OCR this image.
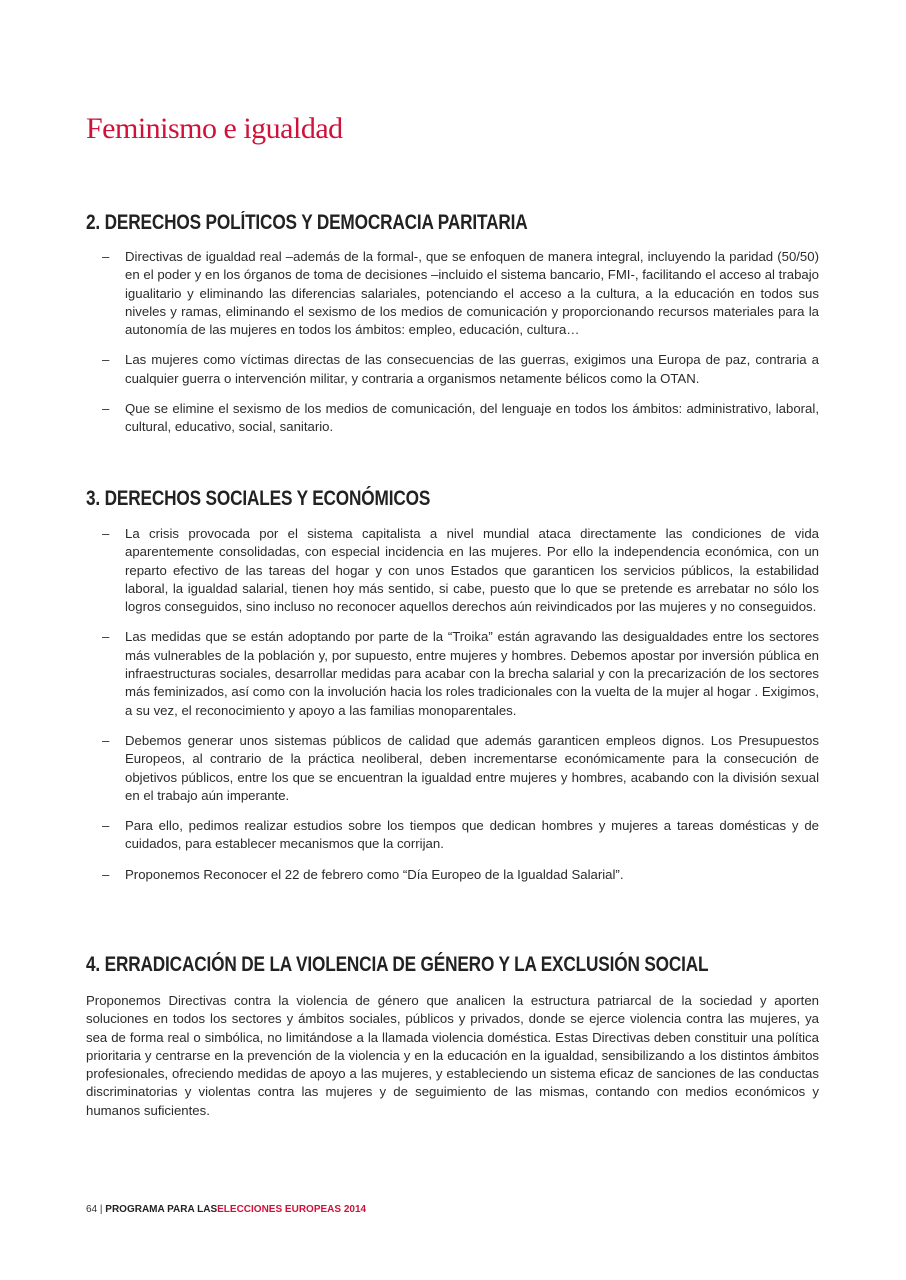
Feminismo e igualdad
2. DERECHOS POLÍTICOS Y DEMOCRACIA PARITARIA
– Directivas de igualdad real –además de la formal-, que se enfoquen de manera integral, incluyendo la paridad (50/50) en el poder y en los órganos de toma de decisiones –incluido el sistema bancario, FMI-, facilitando el acceso al trabajo igualitario y eliminando las diferencias salariales, potenciando el acceso a la cultura, a la educación en todos sus niveles y ramas, eliminando el sexismo de los medios de comunicación y proporcionando recursos materiales para la autonomía de las mujeres en todos los ámbitos: empleo, educación, cultura…
– Las mujeres como víctimas directas de las consecuencias de las guerras, exigimos una Europa de paz, contraria a cualquier guerra o intervención militar, y contraria a organismos netamente bélicos como la OTAN.
– Que se elimine el sexismo de los medios de comunicación, del lenguaje en todos los ámbitos: administrativo, laboral, cultural, educativo, social, sanitario.
3. DERECHOS SOCIALES Y ECONÓMICOS
– La crisis provocada por el sistema capitalista a nivel mundial ataca directamente las condiciones de vida aparentemente consolidadas, con especial incidencia en las mujeres. Por ello la independencia económica, con un reparto efectivo de las tareas del hogar y con unos Estados que garanticen los servicios públicos, la estabilidad laboral, la igualdad salarial, tienen hoy más sentido, si cabe, puesto que lo que se pretende es arrebatar no sólo los logros conseguidos, sino incluso no reconocer aquellos derechos aún reivindicados por las mujeres y no conseguidos.
– Las medidas que se están adoptando por parte de la “Troika” están agravando las desigualdades entre los sectores más vulnerables de la población y, por supuesto, entre mujeres y hombres. Debemos apostar por inversión pública en infraestructuras sociales, desarrollar medidas para acabar con la brecha salarial y con la precarización de los sectores más feminizados, así como con la involución hacia los roles tradicionales con la vuelta de la mujer al hogar . Exigimos, a su vez, el reconocimiento y apoyo a las familias monoparentales.
– Debemos generar unos sistemas públicos de calidad que además garanticen empleos dignos. Los Presupuestos Europeos, al contrario de la práctica neoliberal, deben incrementarse económicamente para la consecución de objetivos públicos, entre los que se encuentran la igualdad entre mujeres y hombres, acabando con la división sexual en el trabajo aún imperante.
– Para ello, pedimos realizar estudios sobre los tiempos que dedican hombres y mujeres a tareas domésticas y de cuidados, para establecer mecanismos que la corrijan.
– Proponemos Reconocer el 22 de febrero como “Día Europeo de la Igualdad Salarial”.
4. ERRADICACIÓN DE LA VIOLENCIA DE GÉNERO Y LA EXCLUSIÓN SOCIAL

Proponemos Directivas contra la violencia de género que analicen la estructura patriarcal de la sociedad y aporten soluciones en todos los sectores y ámbitos sociales, públicos y privados, donde se ejerce violencia contra las mujeres, ya sea de forma real o simbólica, no limitándose a la llamada violencia doméstica. Estas Directivas deben constituir una política prioritaria y centrarse en la prevención de la violencia y en la educación en la igualdad, sensibilizando a los distintos ámbitos profesionales, ofreciendo medidas de apoyo a las mujeres, y estableciendo un sistema eficaz de sanciones de las conductas discriminatorias y violentas contra las mujeres y de seguimiento de las mismas, contando con medios económicos y humanos suficientes.

64 | PROGRAMA PARA LASELECCIONES EUROPEAS 2014
